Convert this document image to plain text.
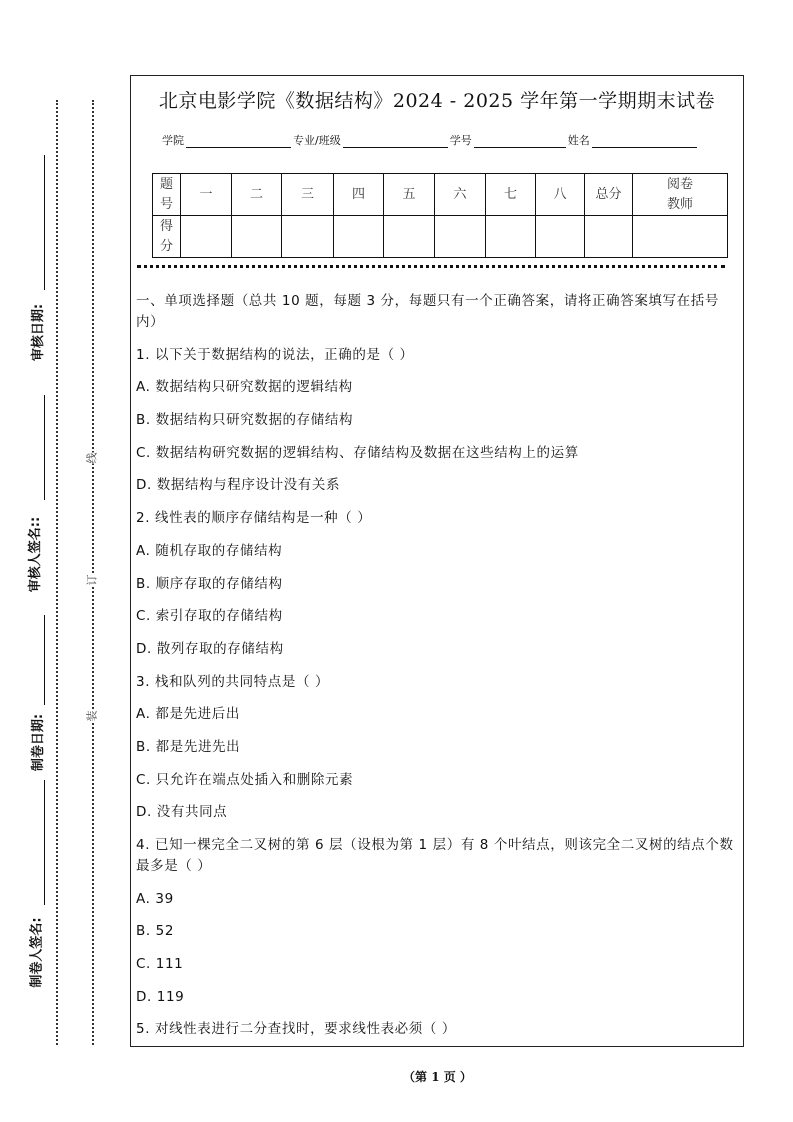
审核日期:
审核人签名::
制卷日期:
制卷人签名:
线
订
装
北京电影学院《数据结构》2024 - 2025 学年第一学期期末试卷
学院	专业/班级	学号	姓名
题号	一	二	三	四	五	六	七	八	总分	阅卷教师
得分										

一、单项选择题（总共 10 题，每题 3 分，每题只有一个正确答案，请将正确答案填写在括号内）

1. 以下关于数据结构的说法，正确的是（ ）

A. 数据结构只研究数据的逻辑结构

B. 数据结构只研究数据的存储结构

C. 数据结构研究数据的逻辑结构、存储结构及数据在这些结构上的运算

D. 数据结构与程序设计没有关系

2. 线性表的顺序存储结构是一种（ ）

A. 随机存取的存储结构

B. 顺序存取的存储结构

C. 索引存取的存储结构

D. 散列存取的存储结构

3. 栈和队列的共同特点是（ ）

A. 都是先进后出

B. 都是先进先出

C. 只允许在端点处插入和删除元素

D. 没有共同点

4. 已知一棵完全二叉树的第 6 层（设根为第 1 层）有 8 个叶结点，则该完全二叉树的结点个数最多是（ ）

A. 39

B. 52

C. 111

D. 119

5. 对线性表进行二分查找时，要求线性表必须（ ）

（第 1 页 ）
